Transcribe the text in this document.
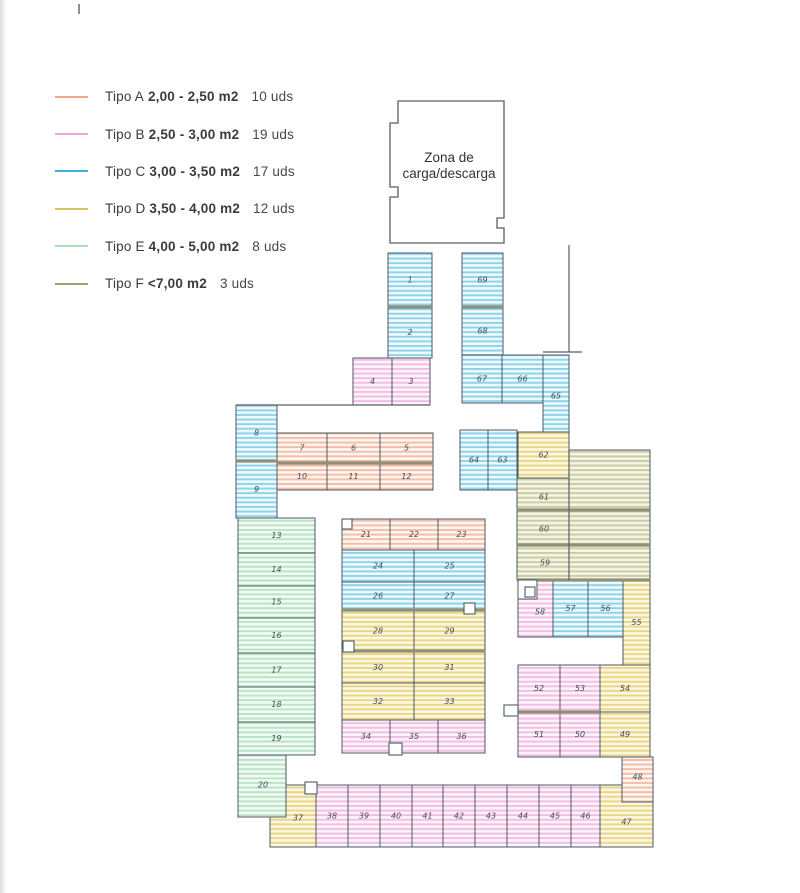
Tipo A 2,00 - 2,50 m2 10 uds
Tipo B 2,50 - 3,00 m2 19 uds
Tipo C 3,00 - 3,50 m2 17 uds
Tipo D 3,50 - 4,00 m2 12 uds
Tipo E 4,00 - 5,00 m2 8 uds
Tipo F <7,00 m2 3 uds
Zona de
carga/descarga
1
2
3
4
5
6
7
8
9
10	11	12
13
14
15
16
17
18
19
21	22	23
24	25
26	27
28	29
30	31
32	33
34	35	36
37	38	39	40	41	42	43	44	45	46
47
48
49
50
51
52	53	54
55
56
57
58
59
60
61
62
63
64
65
66
67
68
69
20
